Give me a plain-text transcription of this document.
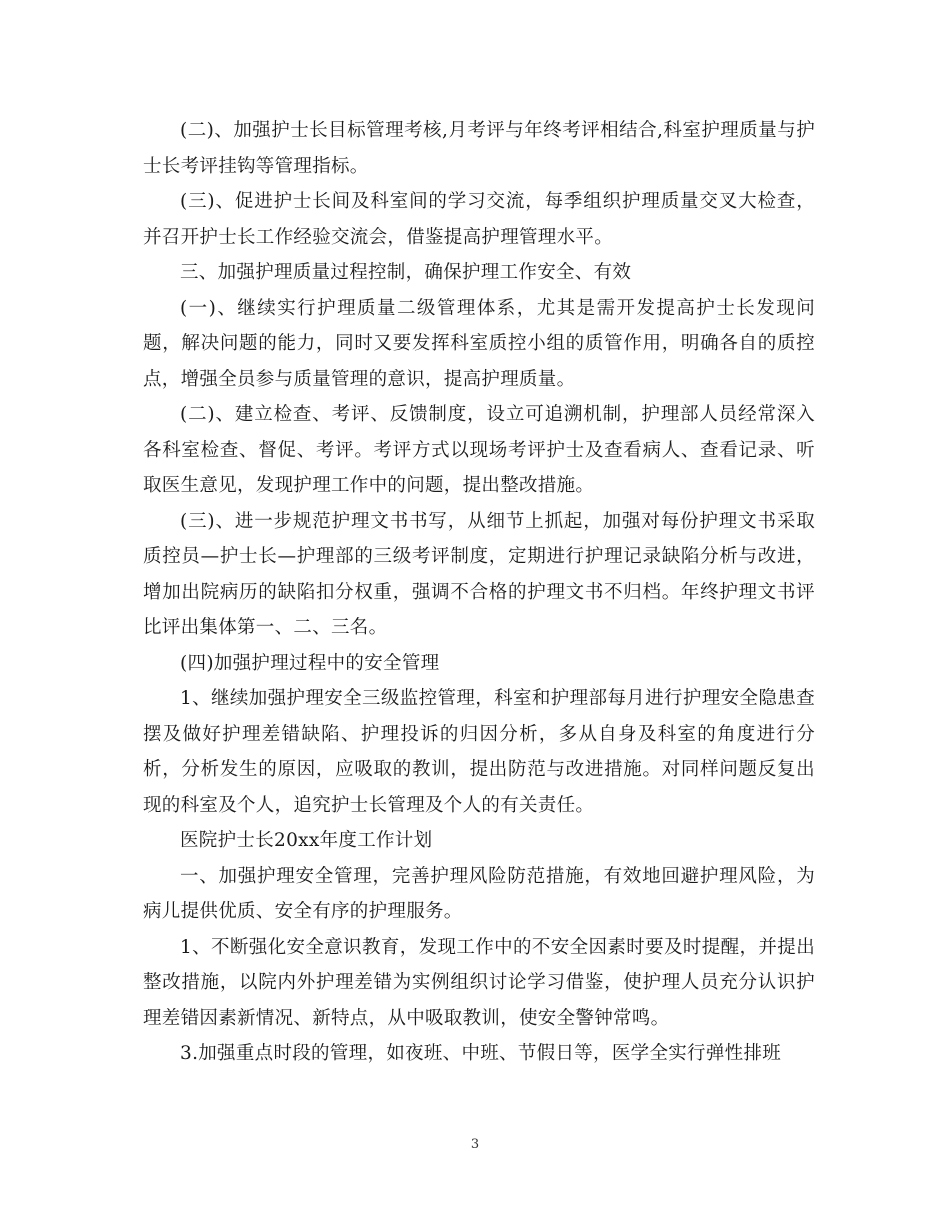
(二)、加强护士长目标管理考核,月考评与年终考评相结合,科室护理质量与护士长考评挂钩等管理指标。

(三)、促进护士长间及科室间的学习交流，每季组织护理质量交叉大检查，并召开护士长工作经验交流会，借鉴提高护理管理水平。

三、加强护理质量过程控制，确保护理工作安全、有效

(一)、继续实行护理质量二级管理体系，尤其是需开发提高护士长发现问题，解决问题的能力，同时又要发挥科室质控小组的质管作用，明确各自的质控点，增强全员参与质量管理的意识，提高护理质量。

(二)、建立检查、考评、反馈制度，设立可追溯机制，护理部人员经常深入各科室检查、督促、考评。考评方式以现场考评护士及查看病人、查看记录、听取医生意见，发现护理工作中的问题，提出整改措施。

(三)、进一步规范护理文书书写，从细节上抓起，加强对每份护理文书采取质控员—护士长—护理部的三级考评制度，定期进行护理记录缺陷分析与改进，增加出院病历的缺陷扣分权重，强调不合格的护理文书不归档。年终护理文书评比评出集体第一、二、三名。

(四)加强护理过程中的安全管理

1、继续加强护理安全三级监控管理，科室和护理部每月进行护理安全隐患查摆及做好护理差错缺陷、护理投诉的归因分析，多从自身及科室的角度进行分析，分析发生的原因，应吸取的教训，提出防范与改进措施。对同样问题反复出现的科室及个人，追究护士长管理及个人的有关责任。

医院护士长20xx年度工作计划

一、加强护理安全管理，完善护理风险防范措施，有效地回避护理风险，为病儿提供优质、安全有序的护理服务。

1、不断强化安全意识教育，发现工作中的不安全因素时要及时提醒，并提出整改措施，以院内外护理差错为实例组织讨论学习借鉴，使护理人员充分认识护理差错因素新情况、新特点，从中吸取教训，使安全警钟常鸣。

3.加强重点时段的管理，如夜班、中班、节假日等，医学全实行弹性排班

3
